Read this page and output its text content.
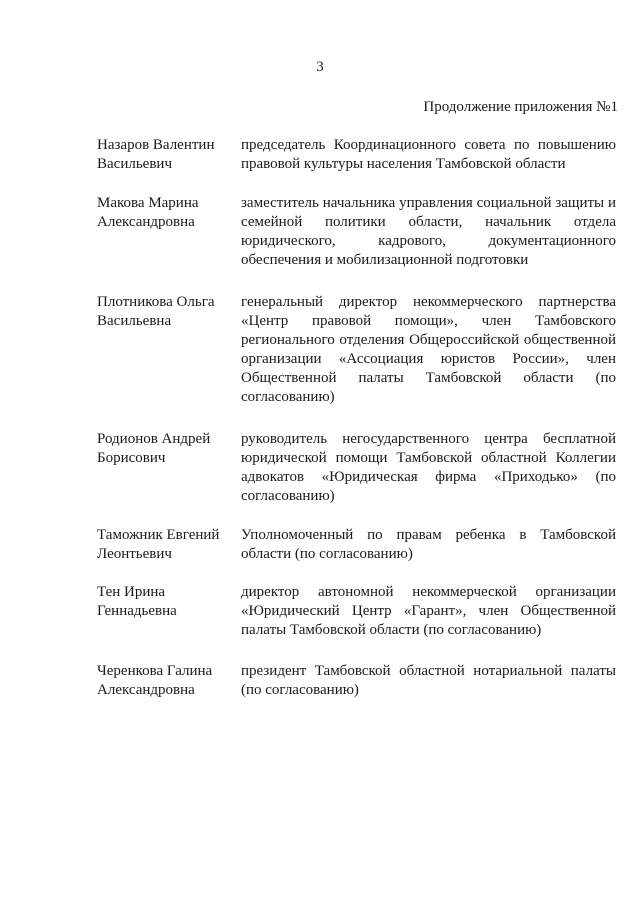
3
Продолжение приложения №1
Назаров Валентин
Васильевич
председатель Координационного совета по повышению правовой культуры населения Тамбовской области
Макова Марина
Александровна
заместитель начальника управления социальной защиты и семейной политики области, начальник отдела юридического, кадрового, документационного обеспечения и мобилизационной подготовки
Плотникова Ольга
Васильевна
генеральный директор некоммерческого партнерства «Центр правовой помощи», член Тамбовского регионального отделения Общероссийской общественной организации «Ассоциация юристов России», член Общественной палаты Тамбовской области (по согласованию)
Родионов Андрей
Борисович
руководитель негосударственного центра бесплатной юридической помощи Тамбовской областной Коллегии адвокатов «Юридическая фирма «Приходько» (по согласованию)
Таможник Евгений
Леонтьевич
Уполномоченный по правам ребенка в Тамбовской области (по согласованию)
Тен Ирина
Геннадьевна
директор автономной некоммерческой организации «Юридический Центр «Гарант», член Общественной палаты Тамбовской области (по согласованию)
Черенкова Галина
Александровна
президент Тамбовской областной нотариальной палаты (по согласованию)
